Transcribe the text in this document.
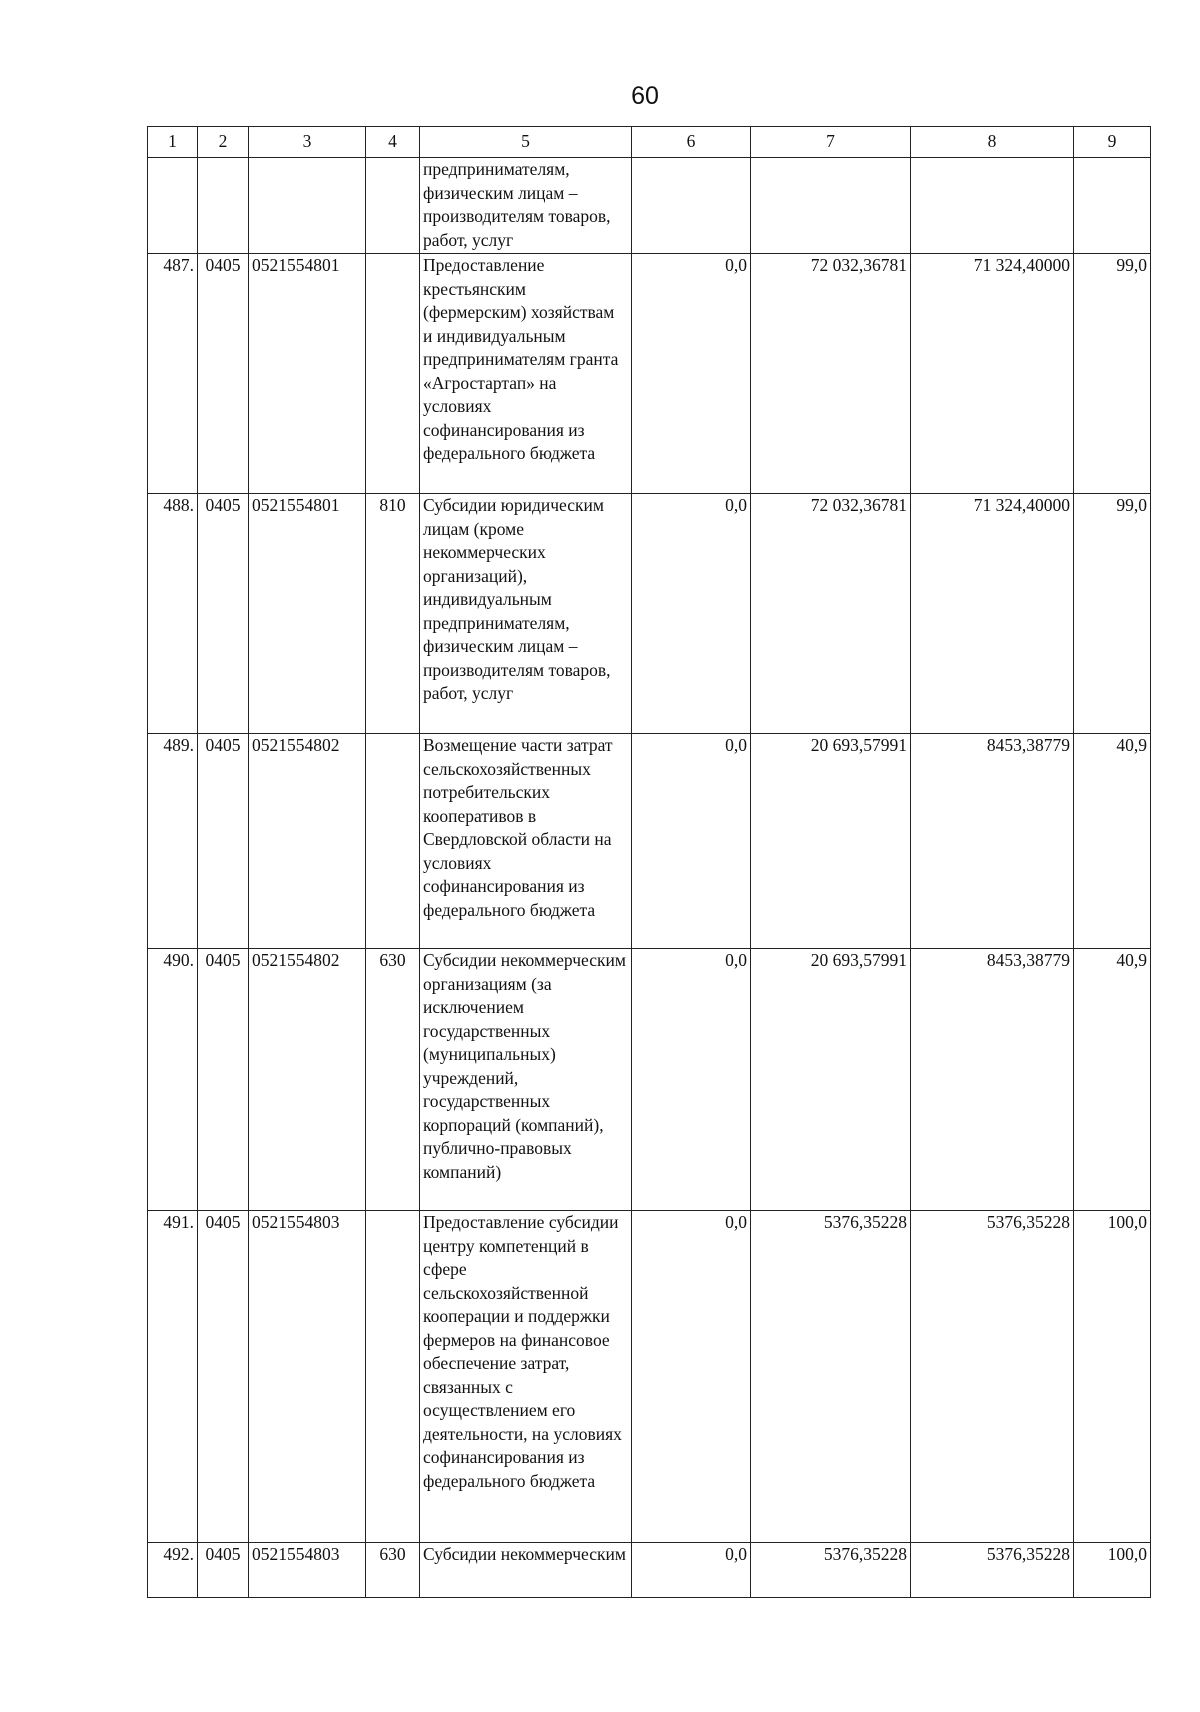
60
1	2	3	4	5	6	7	8	9
				предпринимателям, физическим лицам – производителям товаров, работ, услуг				
487.	0405	0521554801		Предоставление крестьянским (фермерским) хозяйствам и индивидуальным предпринимателям гранта «Агростартап» на условиях софинансирования из федерального бюджета	0,0	72 032,36781	71 324,40000	99,0
488.	0405	0521554801	810	Субсидии юридическим лицам (кроме некоммерческих организаций), индивидуальным предпринимателям, физическим лицам – производителям товаров, работ, услуг	0,0	72 032,36781	71 324,40000	99,0
489.	0405	0521554802		Возмещение части затрат сельскохозяйственных потребительских кооперативов в Свердловской области на условиях софинансирования из федерального бюджета	0,0	20 693,57991	8453,38779	40,9
490.	0405	0521554802	630	Субсидии некоммерческим организациям (за исключением государственных (муниципальных) учреждений, государственных корпораций (компаний), публично-правовых компаний)	0,0	20 693,57991	8453,38779	40,9
491.	0405	0521554803		Предоставление субсидии центру компетенций в сфере сельскохозяйственной кооперации и поддержки фермеров на финансовое обеспечение затрат, связанных с осуществлением его деятельности, на условиях софинансирования из федерального бюджета	0,0	5376,35228	5376,35228	100,0
492.	0405	0521554803	630	Субсидии некоммерческим	0,0	5376,35228	5376,35228	100,0
